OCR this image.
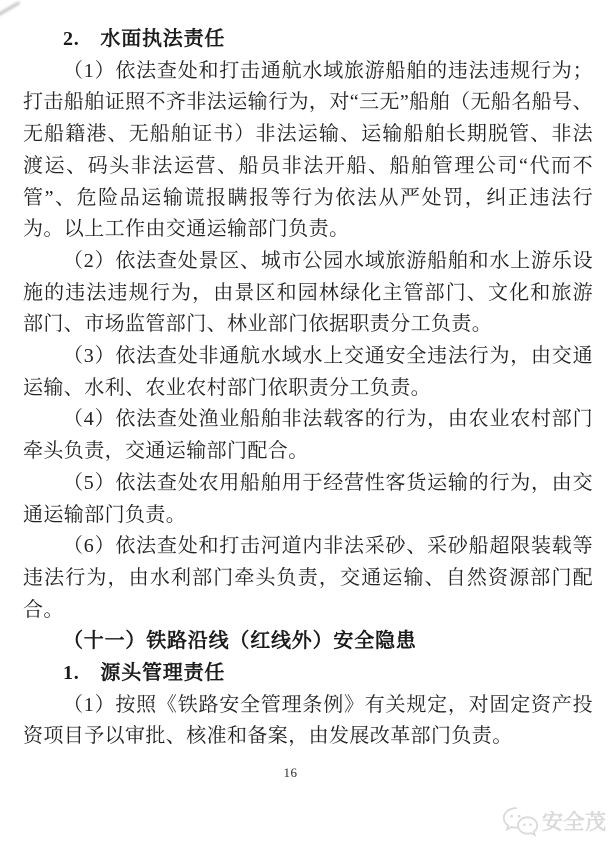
2.　水面执法责任

（1）依法查处和打击通航水域旅游船舶的违法违规行为；打击船舶证照不齐非法运输行为，对“三无”船舶（无船名船号、无船籍港、无船舶证书）非法运输、运输船舶长期脱管、非法渡运、码头非法运营、船员非法开船、船舶管理公司“代而不管”、危险品运输谎报瞒报等行为依法从严处罚，纠正违法行为。以上工作由交通运输部门负责。

（2）依法查处景区、城市公园水域旅游船舶和水上游乐设施的违法违规行为，由景区和园林绿化主管部门、文化和旅游部门、市场监管部门、林业部门依据职责分工负责。

（3）依法查处非通航水域水上交通安全违法行为，由交通运输、水利、农业农村部门依职责分工负责。

（4）依法查处渔业船舶非法载客的行为，由农业农村部门牵头负责，交通运输部门配合。

（5）依法查处农用船舶用于经营性客货运输的行为，由交通运输部门负责。

（6）依法查处和打击河道内非法采砂、采砂船超限装载等违法行为，由水利部门牵头负责，交通运输、自然资源部门配合。

（十一）铁路沿线（红线外）安全隐患
1.　源头管理责任

（1）按照《铁路安全管理条例》有关规定，对固定资产投资项目予以审批、核准和备案，由发展改革部门负责。

16
安全茂
